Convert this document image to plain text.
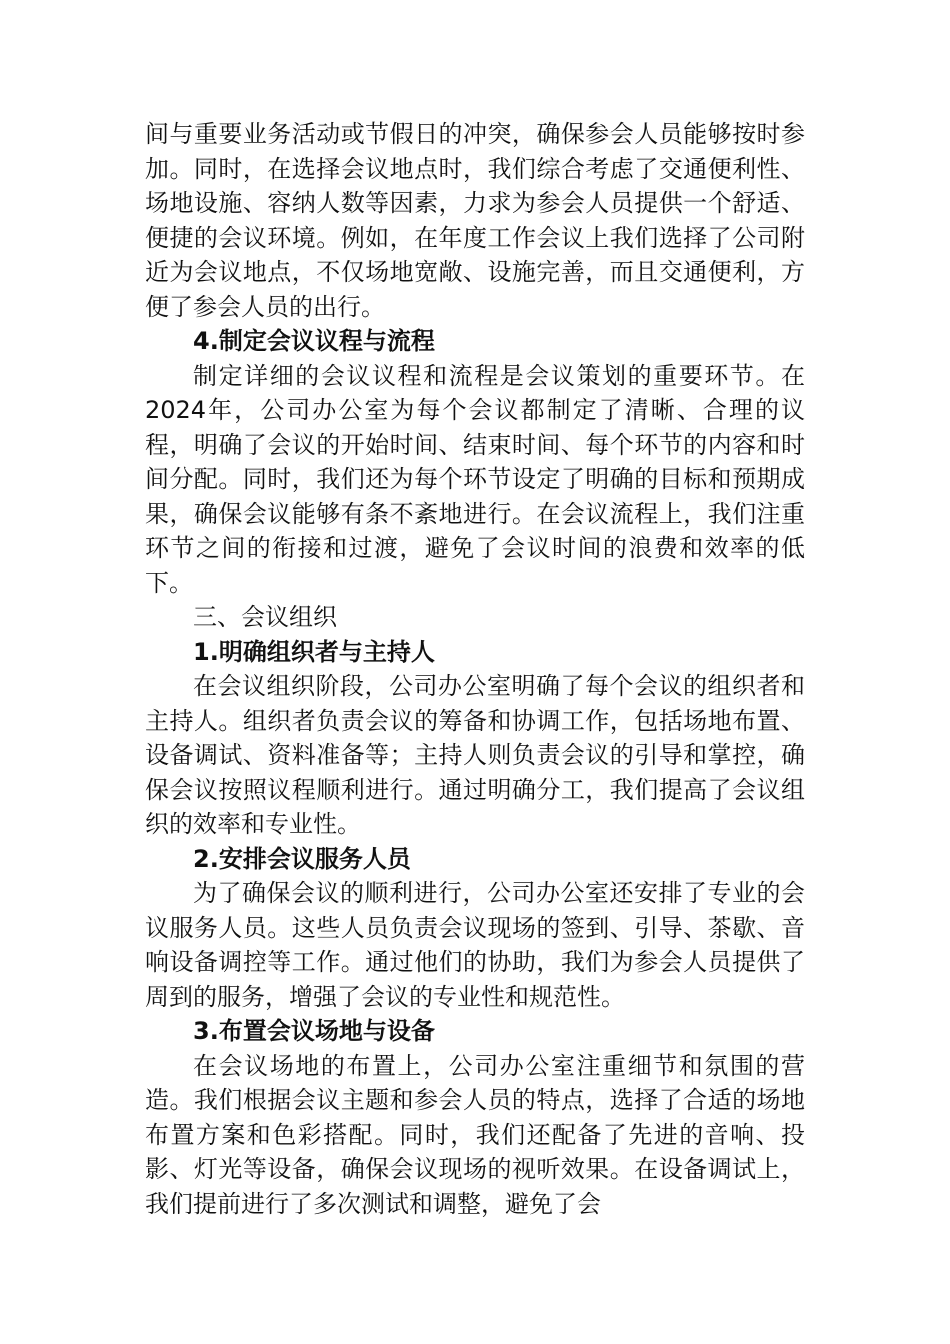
间与重要业务活动或节假日的冲突，确保参会人员能够按时参加。同时，在选择会议地点时，我们综合考虑了交通便利性、场地设施、容纳人数等因素，力求为参会人员提供一个舒适、便捷的会议环境。例如，在年度工作会议上我们选择了公司附近为会议地点，不仅场地宽敞、设施完善，而且交通便利，方便了参会人员的出行。

4.制定会议议程与流程

制定详细的会议议程和流程是会议策划的重要环节。在2024年，公司办公室为每个会议都制定了清晰、合理的议程，明确了会议的开始时间、结束时间、每个环节的内容和时间分配。同时，我们还为每个环节设定了明确的目标和预期成果，确保会议能够有条不紊地进行。在会议流程上，我们注重环节之间的衔接和过渡，避免了会议时间的浪费和效率的低下。

三、会议组织

1.明确组织者与主持人

在会议组织阶段，公司办公室明确了每个会议的组织者和主持人。组织者负责会议的筹备和协调工作，包括场地布置、设备调试、资料准备等；主持人则负责会议的引导和掌控，确保会议按照议程顺利进行。通过明确分工，我们提高了会议组织的效率和专业性。

2.安排会议服务人员

为了确保会议的顺利进行，公司办公室还安排了专业的会议服务人员。这些人员负责会议现场的签到、引导、茶歇、音响设备调控等工作。通过他们的协助，我们为参会人员提供了周到的服务，增强了会议的专业性和规范性。

3.布置会议场地与设备

在会议场地的布置上，公司办公室注重细节和氛围的营造。我们根据会议主题和参会人员的特点，选择了合适的场地布置方案和色彩搭配。同时，我们还配备了先进的音响、投影、灯光等设备，确保会议现场的视听效果。在设备调试上，我们提前进行了多次测试和调整，避免了会
